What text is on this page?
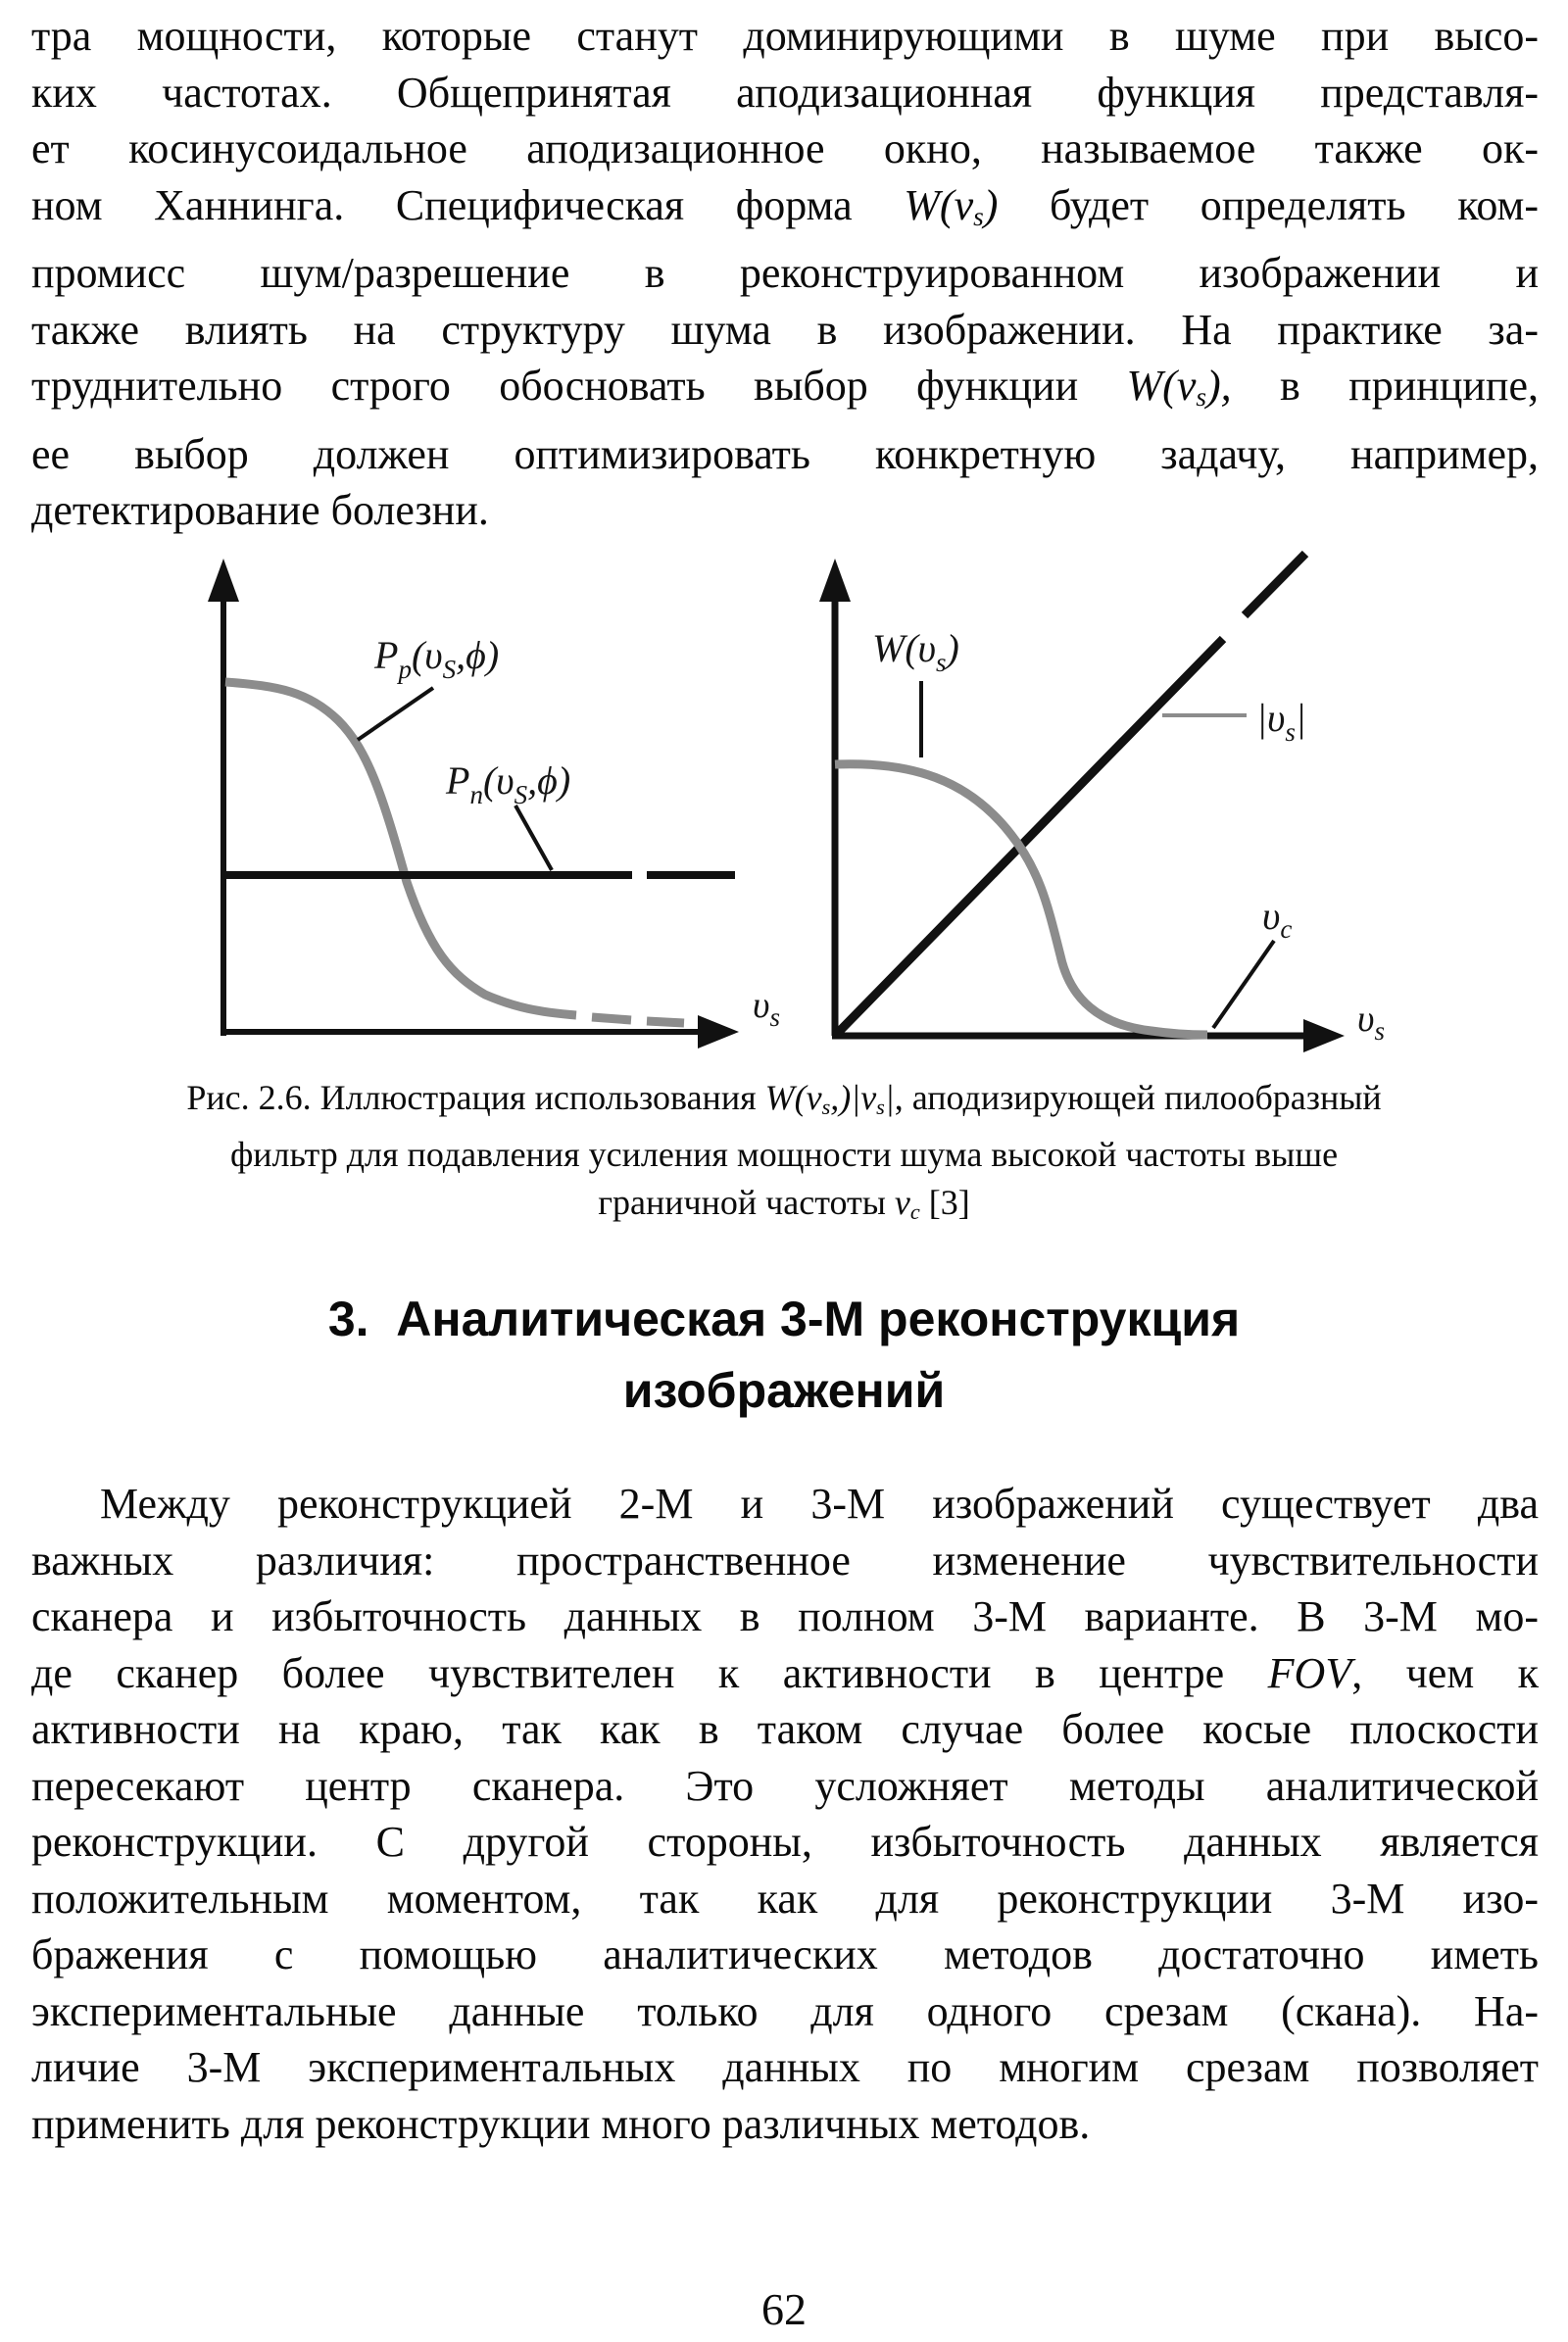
тра мощности, которые станут доминирующими в шуме при высо-
ких частотах. Общепринятая аподизационная функция представля-
ет косинусоидальное аподизационное окно, называемое также ок-
ном Ханнинга. Специфическая форма W(vs) будет определять ком-
промисс шум/разрешение в реконструированном изображении и
также влиять на структуру шума в изображении. На практике за-
труднительно строго обосновать выбор функции W(vs), в принципе,
ее выбор должен оптимизировать конкретную задачу, например,
детектирование болезни.
$P_p(\upsilon_S,\phi)$
$P_n(\upsilon_S,\phi)$
$\upsilon_s$
$W(\upsilon_s)$
$|\upsilon_s|$
$\upsilon_c$
$\upsilon_s$
Рис. 2.6. Иллюстрация использования W(vs,)|vs|, аподизирующей пилообразный
фильтр для подавления усиления мощности шума высокой частоты выше
граничной частоты vc [3]
3.  Аналитическая 3-М реконструкция
изображений
Между реконструкцией 2-М и 3-М изображений существует два
важных различия: пространственное изменение чувствительности
сканера и избыточность данных в полном 3-М варианте. В 3-М мо-
де сканер более чувствителен к активности в центре FOV, чем к
активности на краю, так как в таком случае более косые плоскости
пересекают центр сканера. Это усложняет методы аналитической
реконструкции. С другой стороны, избыточность данных является
положительным моментом, так как для реконструкции 3-М изо-
бражения с помощью аналитических методов достаточно иметь
экспериментальные данные только для одного срезам (скана). На-
личие 3-М экспериментальных данных по многим срезам позволяет
применить для реконструкции много различных методов.
62
